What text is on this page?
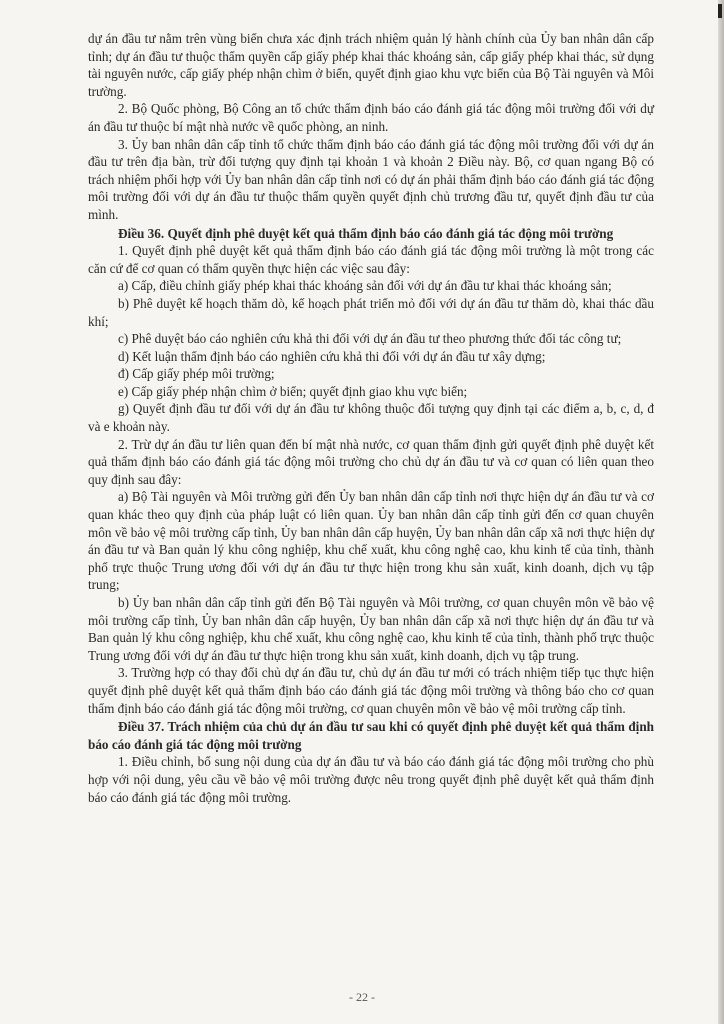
dự án đầu tư nằm trên vùng biển chưa xác định trách nhiệm quản lý hành chính của Ủy ban nhân dân cấp tỉnh; dự án đầu tư thuộc thẩm quyền cấp giấy phép khai thác khoáng sản, cấp giấy phép khai thác, sử dụng tài nguyên nước, cấp giấy phép nhận chìm ở biển, quyết định giao khu vực biển của Bộ Tài nguyên và Môi trường.

2. Bộ Quốc phòng, Bộ Công an tổ chức thẩm định báo cáo đánh giá tác động môi trường đối với dự án đầu tư thuộc bí mật nhà nước về quốc phòng, an ninh.

3. Ủy ban nhân dân cấp tỉnh tổ chức thẩm định báo cáo đánh giá tác động môi trường đối với dự án đầu tư trên địa bàn, trừ đối tượng quy định tại khoản 1 và khoản 2 Điều này. Bộ, cơ quan ngang Bộ có trách nhiệm phối hợp với Ủy ban nhân dân cấp tỉnh nơi có dự án phải thẩm định báo cáo đánh giá tác động môi trường đối với dự án đầu tư thuộc thẩm quyền quyết định chủ trương đầu tư, quyết định đầu tư của mình.

Điều 36. Quyết định phê duyệt kết quả thẩm định báo cáo đánh giá tác động môi trường

1. Quyết định phê duyệt kết quả thẩm định báo cáo đánh giá tác động môi trường là một trong các căn cứ để cơ quan có thẩm quyền thực hiện các việc sau đây:

a) Cấp, điều chỉnh giấy phép khai thác khoáng sản đối với dự án đầu tư khai thác khoáng sản;

b) Phê duyệt kế hoạch thăm dò, kế hoạch phát triển mỏ đối với dự án đầu tư thăm dò, khai thác dầu khí;

c) Phê duyệt báo cáo nghiên cứu khả thi đối với dự án đầu tư theo phương thức đối tác công tư;

d) Kết luận thẩm định báo cáo nghiên cứu khả thi đối với dự án đầu tư xây dựng;

đ) Cấp giấy phép môi trường;

e) Cấp giấy phép nhận chìm ở biển; quyết định giao khu vực biển;

g) Quyết định đầu tư đối với dự án đầu tư không thuộc đối tượng quy định tại các điểm a, b, c, d, đ và e khoản này.

2. Trừ dự án đầu tư liên quan đến bí mật nhà nước, cơ quan thẩm định gửi quyết định phê duyệt kết quả thẩm định báo cáo đánh giá tác động môi trường cho chủ dự án đầu tư và cơ quan có liên quan theo quy định sau đây:

a) Bộ Tài nguyên và Môi trường gửi đến Ủy ban nhân dân cấp tỉnh nơi thực hiện dự án đầu tư và cơ quan khác theo quy định của pháp luật có liên quan. Ủy ban nhân dân cấp tỉnh gửi đến cơ quan chuyên môn về bảo vệ môi trường cấp tỉnh, Ủy ban nhân dân cấp huyện, Ủy ban nhân dân cấp xã nơi thực hiện dự án đầu tư và Ban quản lý khu công nghiệp, khu chế xuất, khu công nghệ cao, khu kinh tế của tỉnh, thành phố trực thuộc Trung ương đối với dự án đầu tư thực hiện trong khu sản xuất, kinh doanh, dịch vụ tập trung;

b) Ủy ban nhân dân cấp tỉnh gửi đến Bộ Tài nguyên và Môi trường, cơ quan chuyên môn về bảo vệ môi trường cấp tỉnh, Ủy ban nhân dân cấp huyện, Ủy ban nhân dân cấp xã nơi thực hiện dự án đầu tư và Ban quản lý khu công nghiệp, khu chế xuất, khu công nghệ cao, khu kinh tế của tỉnh, thành phố trực thuộc Trung ương đối với dự án đầu tư thực hiện trong khu sản xuất, kinh doanh, dịch vụ tập trung.

3. Trường hợp có thay đổi chủ dự án đầu tư, chủ dự án đầu tư mới có trách nhiệm tiếp tục thực hiện quyết định phê duyệt kết quả thẩm định báo cáo đánh giá tác động môi trường và thông báo cho cơ quan thẩm định báo cáo đánh giá tác động môi trường, cơ quan chuyên môn về bảo vệ môi trường cấp tỉnh.

Điều 37. Trách nhiệm của chủ dự án đầu tư sau khi có quyết định phê duyệt kết quả thẩm định báo cáo đánh giá tác động môi trường

1. Điều chỉnh, bổ sung nội dung của dự án đầu tư và báo cáo đánh giá tác động môi trường cho phù hợp với nội dung, yêu cầu về bảo vệ môi trường được nêu trong quyết định phê duyệt kết quả thẩm định báo cáo đánh giá tác động môi trường.

- 22 -
